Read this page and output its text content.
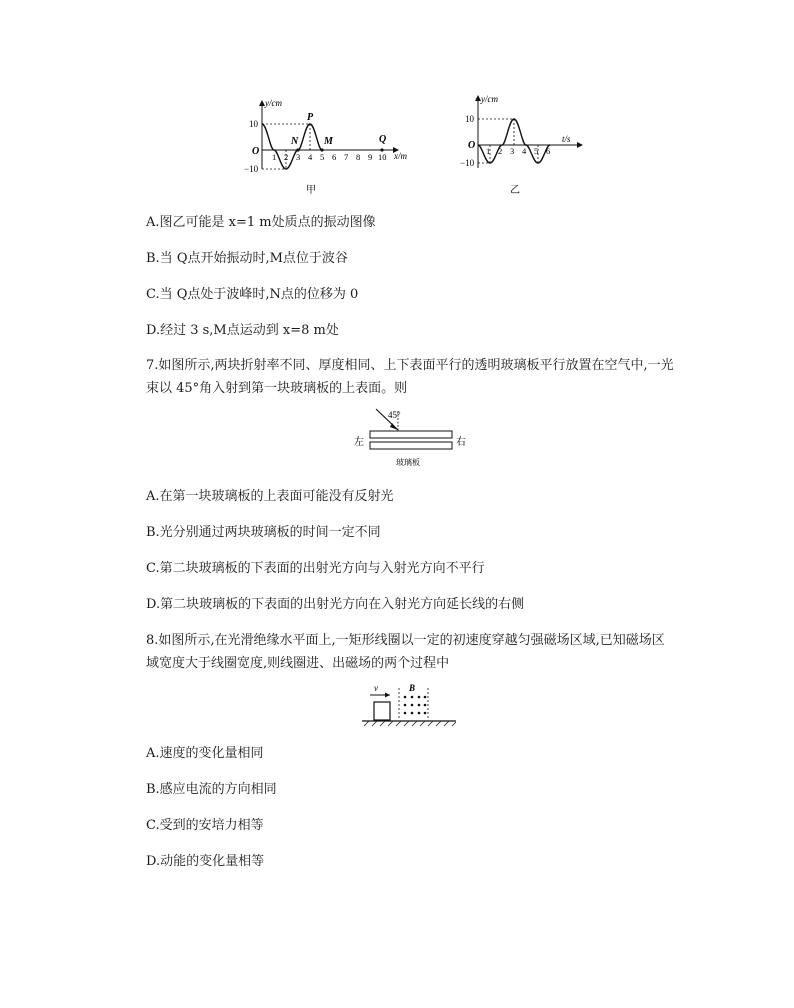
y/cm
x/m
10
−10
O
P
N	M	Q
1 2 3 4 5 6 7 8 9 10
甲
y/cm
t/s
10
−10
O 1 2 3 4 5 6
乙
A.图乙可能是 x=1 m处质点的振动图像
B.当 Q点开始振动时,M点位于波谷
C.当 Q点处于波峰时,N点的位移为 0
D.经过 3 s,M点运动到 x=8 m处
7.如图所示,两块折射率不同、厚度相同、上下表面平行的透明玻璃板平行放置在空气中,一光
束以 45°角入射到第一块玻璃板的上表面。则
45°
左	右
玻璃板
A.在第一块玻璃板的上表面可能没有反射光
B.光分别通过两块玻璃板的时间一定不同
C.第二块玻璃板的下表面的出射光方向与入射光方向不平行
D.第二块玻璃板的下表面的出射光方向在入射光方向延长线的右侧
8.如图所示,在光滑绝缘水平面上,一矩形线圈以一定的初速度穿越匀强磁场区域,已知磁场区
域宽度大于线圈宽度,则线圈进、出磁场的两个过程中
v	B
A.速度的变化量相同
B.感应电流的方向相同
C.受到的安培力相等
D.动能的变化量相等
